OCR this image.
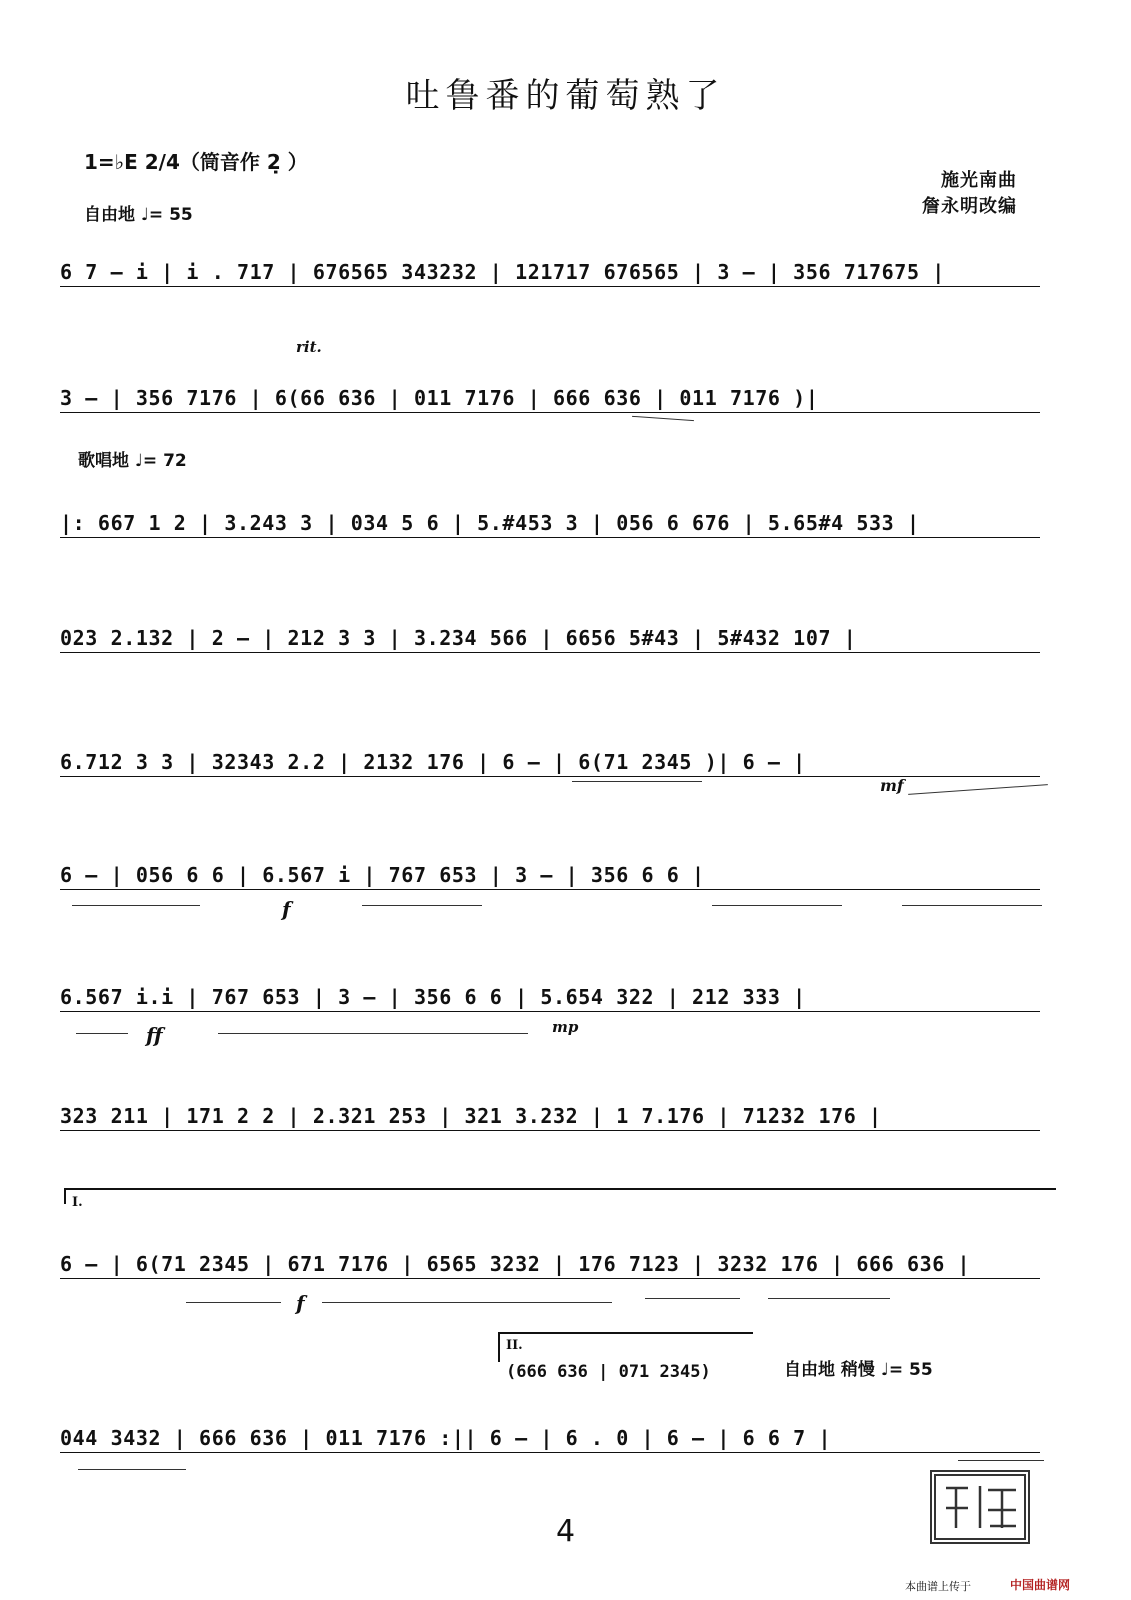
吐鲁番的葡萄熟了
1=♭E 2/4（筒音作 2̣ ）
施光南曲
詹永明改编
自由地 ♩= 55
歌唱地 ♩= 72
自由地 稍慢 ♩= 55
6 7 – i | i . 717 | 676565 343232 | 121717 676565 | 3 – | 356 717675 |
3 – | 356 7176 | 6(66 636 | 011 7176 | 666 636 | 011 7176 )|
|: 667 1 2 | 3.243 3 | 034 5 6 | 5.#453 3 | 056 6 676 | 5.65#4 533 |
023 2.132 | 2 – | 212 3 3 | 3.234 566 | 6656 5#43 | 5#432 107 |
6.712 3 3 | 32343 2.2 | 2132 176 | 6 – | 6(71 2345 )| 6 – |
6 – | 056 6 6 | 6.567 i | 767 653 | 3 – | 356 6 6 |
6.567 i.i | 767 653 | 3 – | 356 6 6 | 5.654 322 | 212 333 |
323 211 | 171 2 2 | 2.321 253 | 321 3.232 | 1 7.176 | 71232 176 |
6 – | 6(71 2345 | 671 7176 | 6565 3232 | 176 7123 | 3232 176 | 666 636 |
044 3432 | 666 636 | 011 7176 :|| 6 – | 6 . 0 | 6 – | 6 6 7 |
(666 636 | 071 2345)
I.
II.
rit.
mf
f
ff	mp
f
4
本曲谱上传于	中国曲谱网
